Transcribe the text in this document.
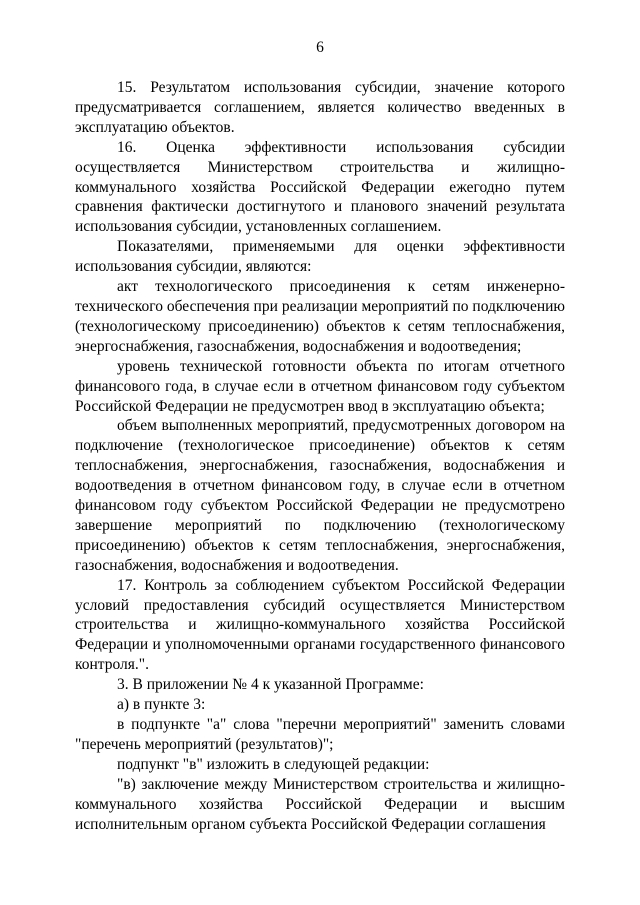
6

15. Результатом использования субсидии, значение которого предусматривается соглашением, является количество введенных в эксплуатацию объектов.

16. Оценка эффективности использования субсидии осуществляется Министерством строительства и жилищно-коммунального хозяйства Российской Федерации ежегодно путем сравнения фактически достигнутого и планового значений результата использования субсидии, установленных соглашением.

Показателями, применяемыми для оценки эффективности использования субсидии, являются:

акт технологического присоединения к сетям инженерно-технического обеспечения при реализации мероприятий по подключению (технологическому присоединению) объектов к сетям теплоснабжения, энергоснабжения, газоснабжения, водоснабжения и водоотведения;

уровень технической готовности объекта по итогам отчетного финансового года, в случае если в отчетном финансовом году субъектом Российской Федерации не предусмотрен ввод в эксплуатацию объекта;

объем выполненных мероприятий, предусмотренных договором на подключение (технологическое присоединение) объектов к сетям теплоснабжения, энергоснабжения, газоснабжения, водоснабжения и водоотведения в отчетном финансовом году, в случае если в отчетном финансовом году субъектом Российской Федерации не предусмотрено завершение мероприятий по подключению (технологическому присоединению) объектов к сетям теплоснабжения, энергоснабжения, газоснабжения, водоснабжения и водоотведения.

17. Контроль за соблюдением субъектом Российской Федерации условий предоставления субсидий осуществляется Министерством строительства и жилищно-коммунального хозяйства Российской Федерации и уполномоченными органами государственного финансового контроля.".

3. В приложении № 4 к указанной Программе:

а) в пункте 3:

в подпункте "а" слова "перечни мероприятий" заменить словами "перечень мероприятий (результатов)";

подпункт "в" изложить в следующей редакции:

"в) заключение между Министерством строительства и жилищно-коммунального хозяйства Российской Федерации и высшим исполнительным органом субъекта Российской Федерации соглашения
